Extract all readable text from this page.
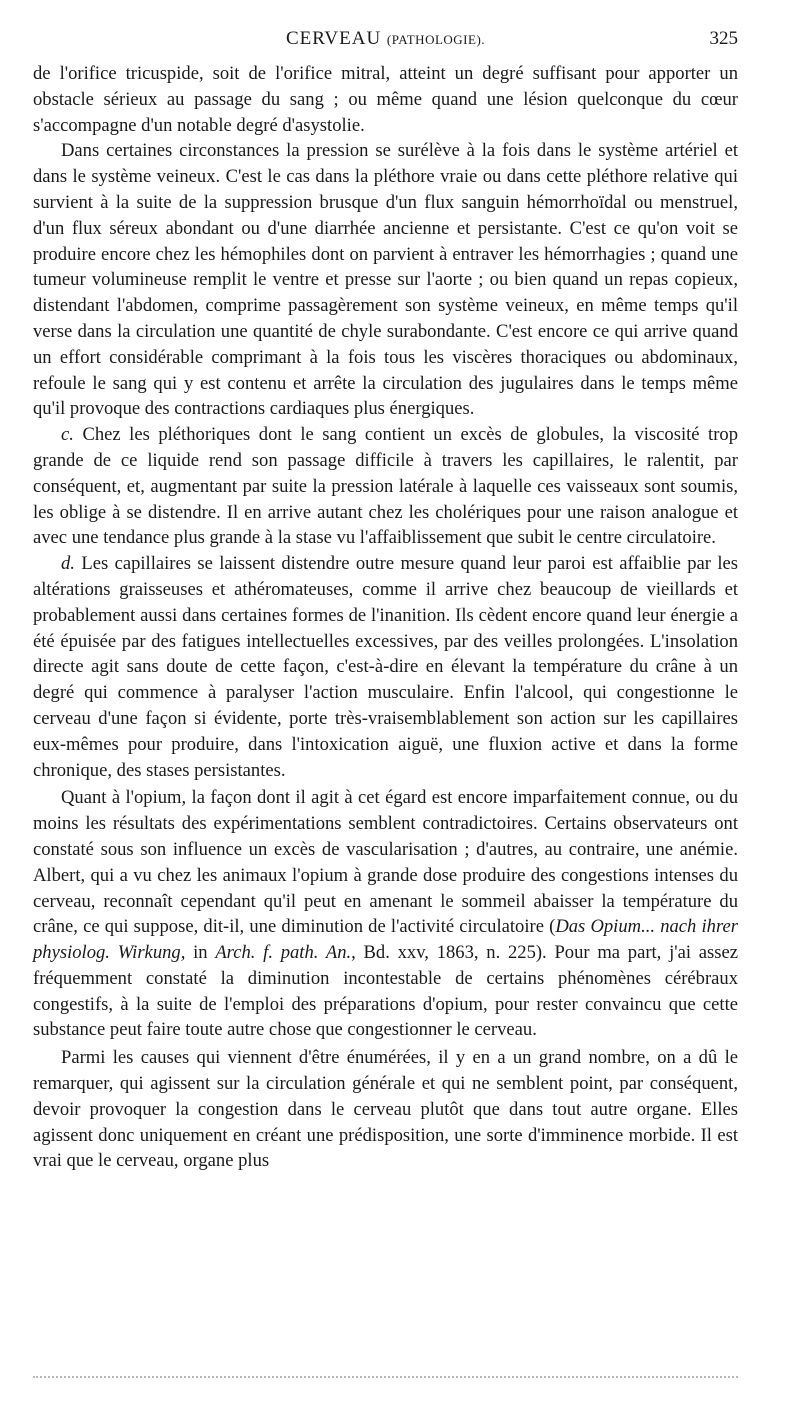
CERVEAU (PATHOLOGIE).	325

de l'orifice tricuspide, soit de l'orifice mitral, atteint un degré suffisant pour apporter un obstacle sérieux au passage du sang ; ou même quand une lésion quelconque du cœur s'accompagne d'un notable degré d'asystolie.

Dans certaines circonstances la pression se surélève à la fois dans le système artériel et dans le système veineux. C'est le cas dans la pléthore vraie ou dans cette pléthore relative qui survient à la suite de la suppression brusque d'un flux sanguin hémorrhoïdal ou menstruel, d'un flux séreux abondant ou d'une diarrhée ancienne et persistante. C'est ce qu'on voit se produire encore chez les hémophiles dont on parvient à entraver les hémorrhagies ; quand une tumeur volumineuse remplit le ventre et presse sur l'aorte ; ou bien quand un repas copieux, distendant l'abdomen, comprime passagèrement son système veineux, en même temps qu'il verse dans la circulation une quantité de chyle surabondante. C'est encore ce qui arrive quand un effort considérable comprimant à la fois tous les viscères thoraciques ou abdominaux, refoule le sang qui y est contenu et arrête la circulation des jugulaires dans le temps même qu'il provoque des contractions cardiaques plus énergiques.

c. Chez les pléthoriques dont le sang contient un excès de globules, la viscosité trop grande de ce liquide rend son passage difficile à travers les capillaires, le ralentit, par conséquent, et, augmentant par suite la pression latérale à laquelle ces vaisseaux sont soumis, les oblige à se distendre. Il en arrive autant chez les cholériques pour une raison analogue et avec une tendance plus grande à la stase vu l'affaiblissement que subit le centre circulatoire.

d. Les capillaires se laissent distendre outre mesure quand leur paroi est affaiblie par les altérations graisseuses et athéromateuses, comme il arrive chez beaucoup de vieillards et probablement aussi dans certaines formes de l'inanition. Ils cèdent encore quand leur énergie a été épuisée par des fatigues intellectuelles excessives, par des veilles prolongées. L'insolation directe agit sans doute de cette façon, c'est-à-dire en élevant la température du crâne à un degré qui commence à paralyser l'action musculaire. Enfin l'alcool, qui congestionne le cerveau d'une façon si évidente, porte très-vraisemblablement son action sur les capillaires eux-mêmes pour produire, dans l'intoxication aiguë, une fluxion active et dans la forme chronique, des stases persistantes.

Quant à l'opium, la façon dont il agit à cet égard est encore imparfaitement connue, ou du moins les résultats des expérimentations semblent contradictoires. Certains observateurs ont constaté sous son influence un excès de vascularisation ; d'autres, au contraire, une anémie. Albert, qui a vu chez les animaux l'opium à grande dose produire des congestions intenses du cerveau, reconnaît cependant qu'il peut en amenant le sommeil abaisser la température du crâne, ce qui suppose, dit-il, une diminution de l'activité circulatoire (Das Opium... nach ihrer physiolog. Wirkung, in Arch. f. path. An., Bd. xxv, 1863, n. 225). Pour ma part, j'ai assez fréquemment constaté la diminution incontestable de certains phénomènes cérébraux congestifs, à la suite de l'emploi des préparations d'opium, pour rester convaincu que cette substance peut faire toute autre chose que congestionner le cerveau.

Parmi les causes qui viennent d'être énumérées, il y en a un grand nombre, on a dû le remarquer, qui agissent sur la circulation générale et qui ne semblent point, par conséquent, devoir provoquer la congestion dans le cerveau plutôt que dans tout autre organe. Elles agissent donc uniquement en créant une prédisposition, une sorte d'imminence morbide. Il est vrai que le cerveau, organe plus
